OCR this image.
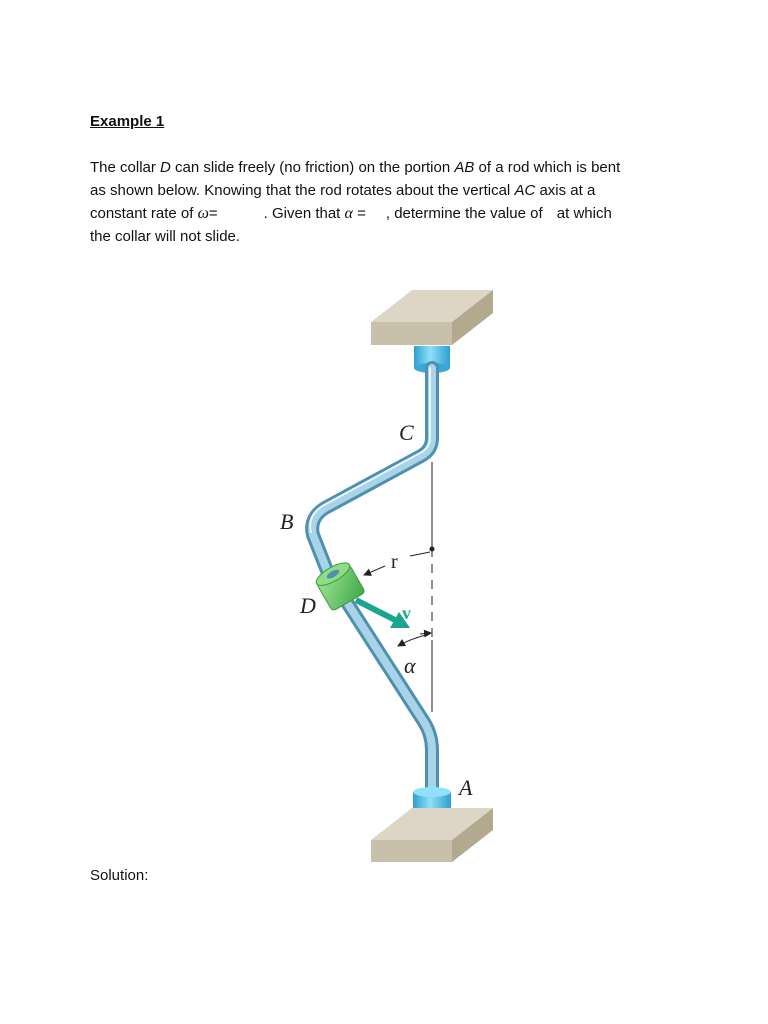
Example 1
The collar D can slide freely (no friction) on the portion AB of a rod which is bent
as shown below. Knowing that the rod rotates about the vertical AC axis at a
constant rate of ω=	. Given that α = , determine the value of at which
the collar will not slide.
C
B
D
A
r
v
α
Solution:
